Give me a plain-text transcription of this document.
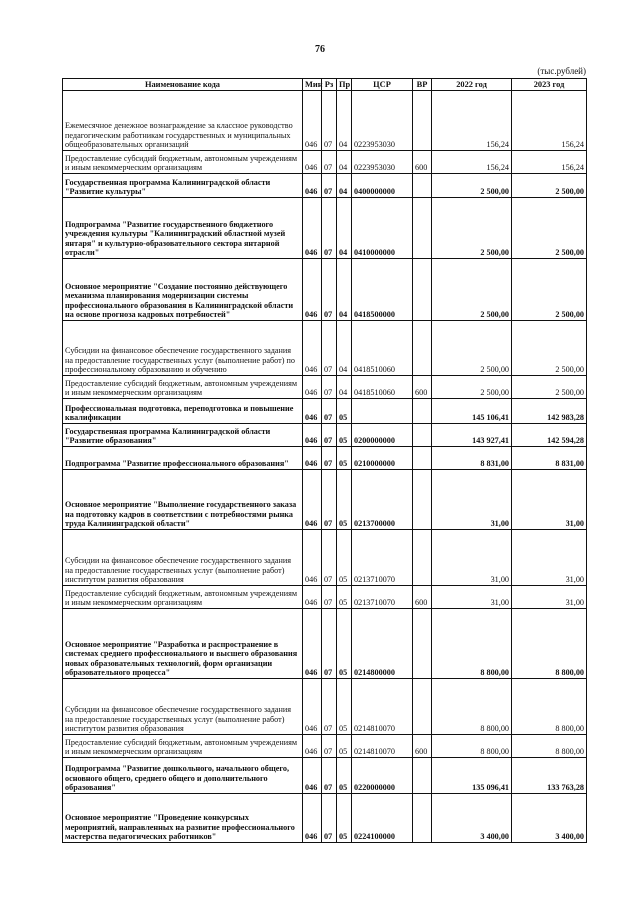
76
(тыс.рублей)
Наименование кода	Мин	Рз	Пр	ЦСР	ВР	2022 год	2023 год
Ежемесячное денежное вознаграждение за классное руководство педагогическим работникам государственных и муниципальных общеобразовательных организаций	046	07	04	0223953030		156,24	156,24
Предоставление субсидий бюджетным, автономным учреждениям и иным некоммерческим организациям	046	07	04	0223953030	600	156,24	156,24
Государственная программа Калининградской области "Развитие культуры"	046	07	04	0400000000		2 500,00	2 500,00
Подпрограмма "Развитие государственного бюджетного учреждения культуры "Калининградский областной музей янтаря" и культурно-образовательного сектора янтарной отрасли"	046	07	04	0410000000		2 500,00	2 500,00
Основное мероприятие "Создание постоянно действующего механизма планирования модернизации системы профессионального образования в Калининградской области на основе прогноза кадровых потребностей"	046	07	04	0418500000		2 500,00	2 500,00
Субсидии на финансовое обеспечение государственного задания на предоставление государственных услуг (выполнение работ) по профессиональному образованию и обучению	046	07	04	0418510060		2 500,00	2 500,00
Предоставление субсидий бюджетным, автономным учреждениям и иным некоммерческим организациям	046	07	04	0418510060	600	2 500,00	2 500,00
Профессиональная подготовка, переподготовка и повышение квалификации	046	07	05			145 106,41	142 983,28
Государственная программа Калининградской области "Развитие образования"	046	07	05	0200000000		143 927,41	142 594,28
Подпрограмма "Развитие профессионального образования"	046	07	05	0210000000		8 831,00	8 831,00
Основное мероприятие "Выполнение государственного заказа на подготовку кадров в соответствии с потребностями рынка труда Калининградской области"	046	07	05	0213700000		31,00	31,00
Субсидии на финансовое обеспечение государственного задания на предоставление государственных услуг (выполнение работ) институтом развития образования	046	07	05	0213710070		31,00	31,00
Предоставление субсидий бюджетным, автономным учреждениям и иным некоммерческим организациям	046	07	05	0213710070	600	31,00	31,00
Основное мероприятие "Разработка и распространение в системах среднего профессионального и высшего образования новых образовательных технологий, форм организации образовательного процесса"	046	07	05	0214800000		8 800,00	8 800,00
Субсидии на финансовое обеспечение государственного задания на предоставление государственных услуг (выполнение работ) институтом развития образования	046	07	05	0214810070		8 800,00	8 800,00
Предоставление субсидий бюджетным, автономным учреждениям и иным некоммерческим организациям	046	07	05	0214810070	600	8 800,00	8 800,00
Подпрограмма "Развитие дошкольного, начального общего, основного общего, среднего общего и дополнительного образования"	046	07	05	0220000000		135 096,41	133 763,28
Основное мероприятие "Проведение конкурсных мероприятий, направленных на развитие профессионального мастерства педагогических работников"	046	07	05	0224100000		3 400,00	3 400,00
